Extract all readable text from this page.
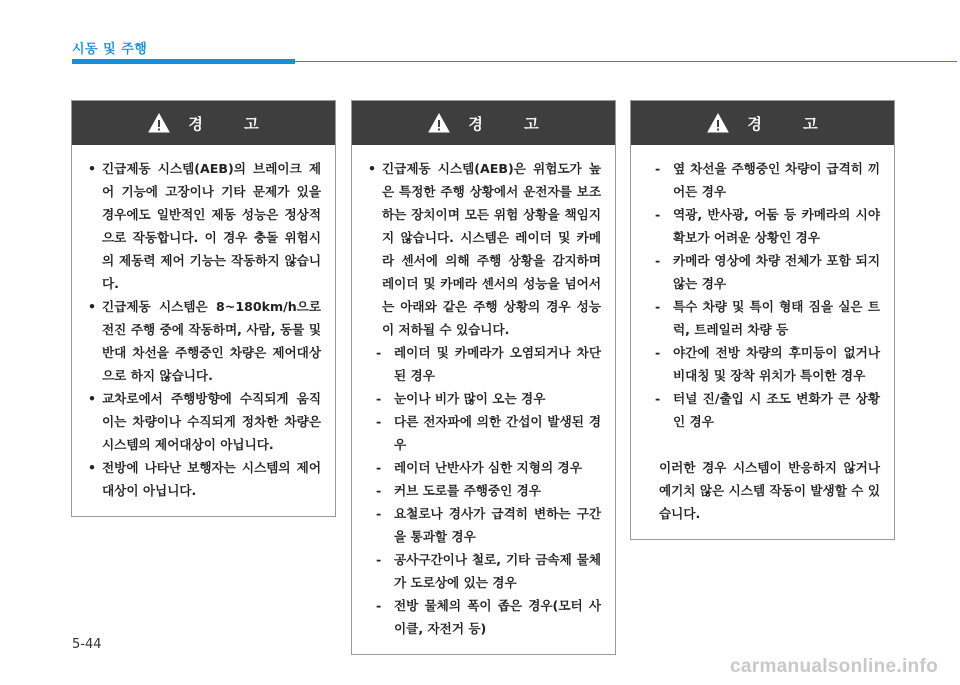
시동 및 주행
경 고
• 긴급제동 시스템(AEB)의 브레이크 제어 기능에 고장이나 기타 문제가 있을 경우에도 일반적인 제동 성능은 정상적으로 작동합니다. 이 경우 충돌 위험시의 제동력 제어 기능는 작동하지 않습니다.
• 긴급제동 시스템은 8~180km/h으로 전진 주행 중에 작동하며, 사람, 동물 및 반대 차선을 주행중인 차량은 제어대상으로 하지 않습니다.
• 교차로에서 주행방향에 수직되게 움직이는 차량이나 수직되게 정차한 차량은 시스템의 제어대상이 아닙니다.
• 전방에 나타난 보행자는 시스템의 제어대상이 아닙니다.
경 고
• 긴급제동 시스템(AEB)은 위험도가 높은 특정한 주행 상황에서 운전자를 보조하는 장치이며 모든 위험 상황을 책임지지 않습니다. 시스템은 레이더 및 카메라 센서에 의해 주행 상황을 감지하며 레이더 및 카메라 센서의 성능을 넘어서는 아래와 같은 주행 상황의 경우 성능이 저하될 수 있습니다.
- 레이더 및 카메라가 오염되거나 차단된 경우
- 눈이나 비가 많이 오는 경우
- 다른 전자파에 의한 간섭이 발생된 경우
- 레이더 난반사가 심한 지형의 경우
- 커브 도로를 주행중인 경우
- 요철로나 경사가 급격히 변하는 구간을 통과할 경우
- 공사구간이나 철로, 기타 금속제 물체가 도로상에 있는 경우
- 전방 물체의 폭이 좁은 경우(모터 사이클, 자전거 등)
경 고
- 옆 차선을 주행중인 차량이 급격히 끼어든 경우
- 역광, 반사광, 어둠 등 카메라의 시야 확보가 어려운 상황인 경우
- 카메라 영상에 차량 전체가 포함 되지 않는 경우
- 특수 차량 및 특이 형태 짐을 실은 트럭, 트레일러 차량 등
- 야간에 전방 차량의 후미등이 없거나 비대칭 및 장착 위치가 특이한 경우
- 터널 진/출입 시 조도 변화가 큰 상황인 경우
이러한 경우 시스템이 반응하지 않거나 예기치 않은 시스템 작동이 발생할 수 있습니다.
5-44
carmanualsonline.info
